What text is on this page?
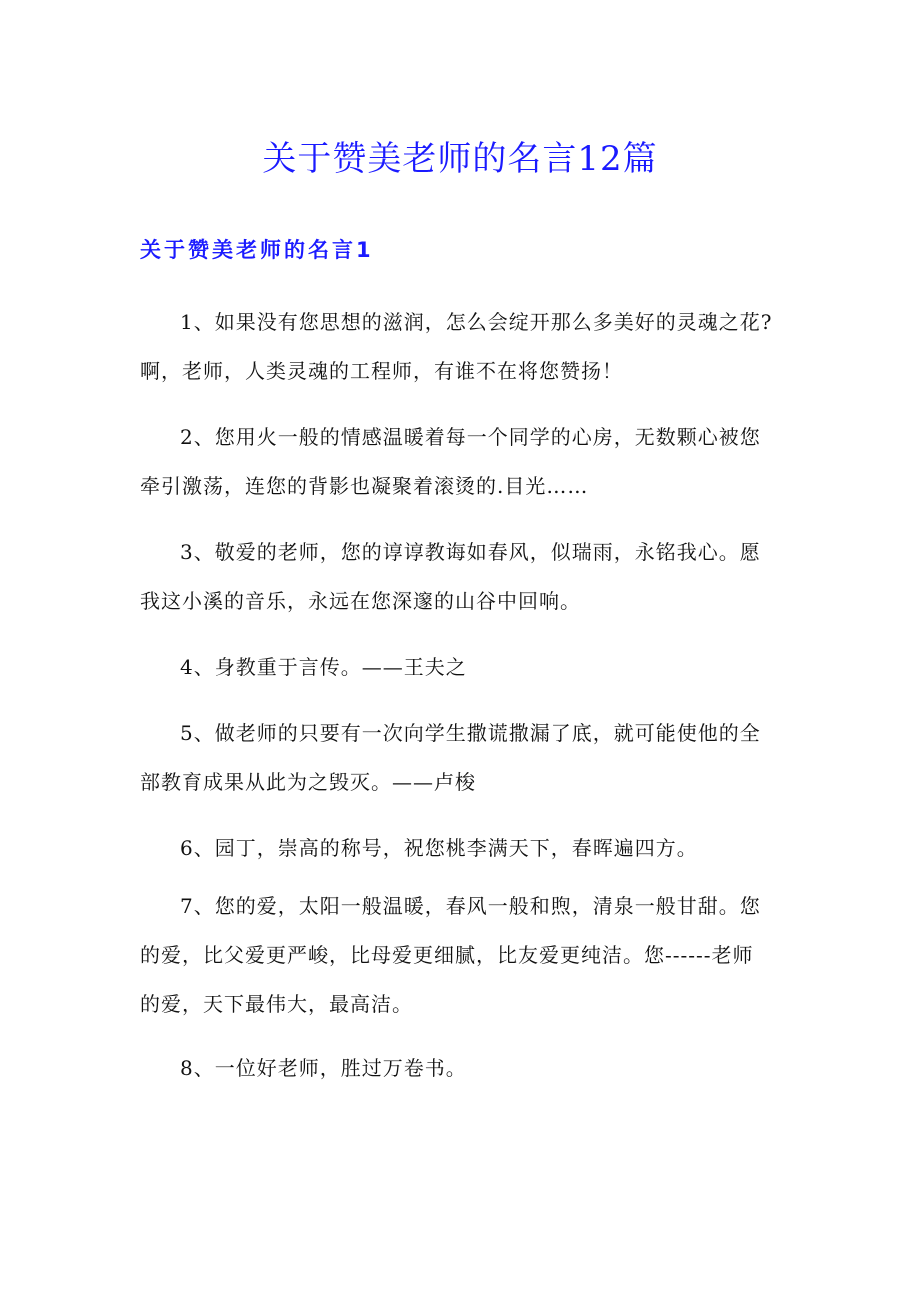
关于赞美老师的名言12篇
关于赞美老师的名言1

1、如果没有您思想的滋润，怎么会绽开那么多美好的灵魂之花?
啊，老师，人类灵魂的工程师，有谁不在将您赞扬！

2、您用火一般的情感温暖着每一个同学的心房，无数颗心被您
牵引激荡，连您的背影也凝聚着滚烫的.目光……

3、敬爱的老师，您的谆谆教诲如春风，似瑞雨，永铭我心。愿
我这小溪的音乐，永远在您深邃的山谷中回响。

4、身教重于言传。——王夫之

5、做老师的只要有一次向学生撒谎撒漏了底，就可能使他的全
部教育成果从此为之毁灭。——卢梭

6、园丁，崇高的称号，祝您桃李满天下，春晖遍四方。

7、您的爱，太阳一般温暖，春风一般和煦，清泉一般甘甜。您
的爱，比父爱更严峻，比母爱更细腻，比友爱更纯洁。您------老师
的爱，天下最伟大，最高洁。

8、一位好老师，胜过万卷书。
